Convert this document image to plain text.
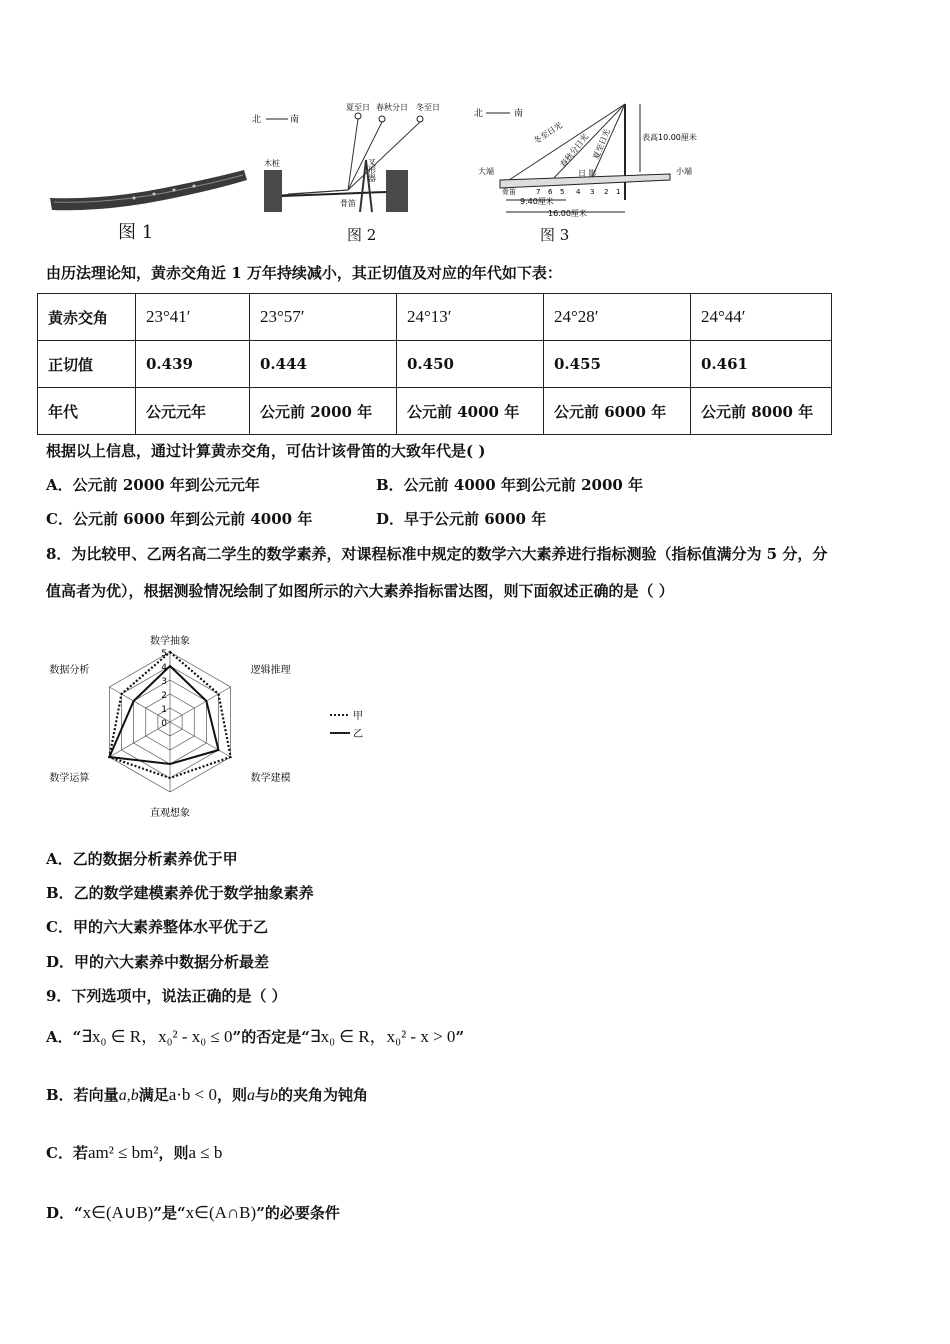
图 1
北	南
夏至日 春秋分日 冬至日
木桩
骨笛
叉形器
图 2
北	南
冬至日光
春秋分日光 夏至日光
日 影
大端	小端
表高10.00厘米
7 6 5 4 3 2 1
骨笛
9.40厘米
16.00厘米
图 3
由历法理论知，黄赤交角近 1 万年持续减小，其正切值及对应的年代如下表：
黄赤交角	23°41′	23°57′	24°13′	24°28′	24°44′
正切值	0.439	0.444	0.450	0.455	0.461
年代	公元元年	公元前 2000 年	公元前 4000 年	公元前 6000 年	公元前 8000 年
根据以上信息，通过计算黄赤交角，可估计该骨笛的大致年代是( )
A．公元前 2000 年到公元元年	B．公元前 4000 年到公元前 2000 年
C．公元前 6000 年到公元前 4000 年	D．早于公元前 6000 年
8．为比较甲、乙两名高二学生的数学素养，对课程标准中规定的数学六大素养进行指标测验（指标值满分为 5 分，分
值高者为优），根据测验情况绘制了如图所示的六大素养指标雷达图，则下面叙述正确的是（ ）
0
1
2
3
4
5
数学抽象
逻辑推理
数学建模
直观想象
数学运算
数据分析
甲
乙
A．乙的数据分析素养优于甲
B．乙的数学建模素养优于数学抽象素养
C．甲的六大素养整体水平优于乙
D．甲的六大素养中数据分析最差
9．下列选项中，说法正确的是（ ）
A．“∃x₀ ∈ R，x₀² - x₀ ≤ 0”的否定是“∃x₀ ∈ R，x₀² - x > 0”
B．若向量a,b满足a·b < 0，则a与b的夹角为钝角
C．若am² ≤ bm²，则a ≤ b
D．“x∈(A∪B)”是“x∈(A∩B)”的必要条件
